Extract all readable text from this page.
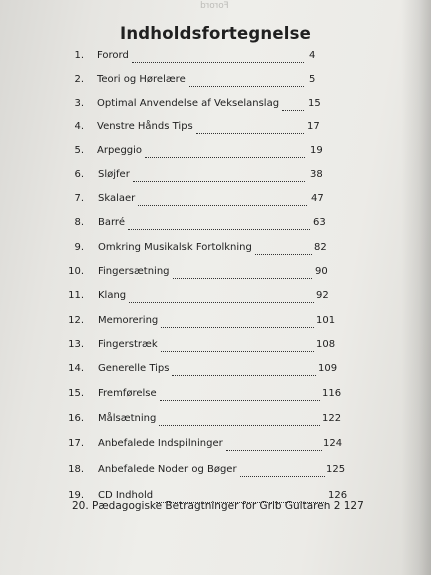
Forord
Indholdsfortegnelse
1. Forord	4
2. Teori og Hørelære	5
3. Optimal Anvendelse af Vekselanslag	15
4. Venstre Hånds Tips	17
5. Arpeggio	19
6. Sløjfer	38
7. Skalaer	47
8. Barré	63
9. Omkring Musikalsk Fortolkning	82
10. Fingersætning	90
11. Klang	92
12. Memorering	101
13. Fingerstræk	108
14. Generelle Tips	109
15. Fremførelse	116
16. Målsætning	122
17. Anbefalede Indspilninger	124
18. Anbefalede Noder og Bøger	125
19. CD Indhold	126
20. Pædagogiske Betragtninger for Grib Guitaren 2 127
